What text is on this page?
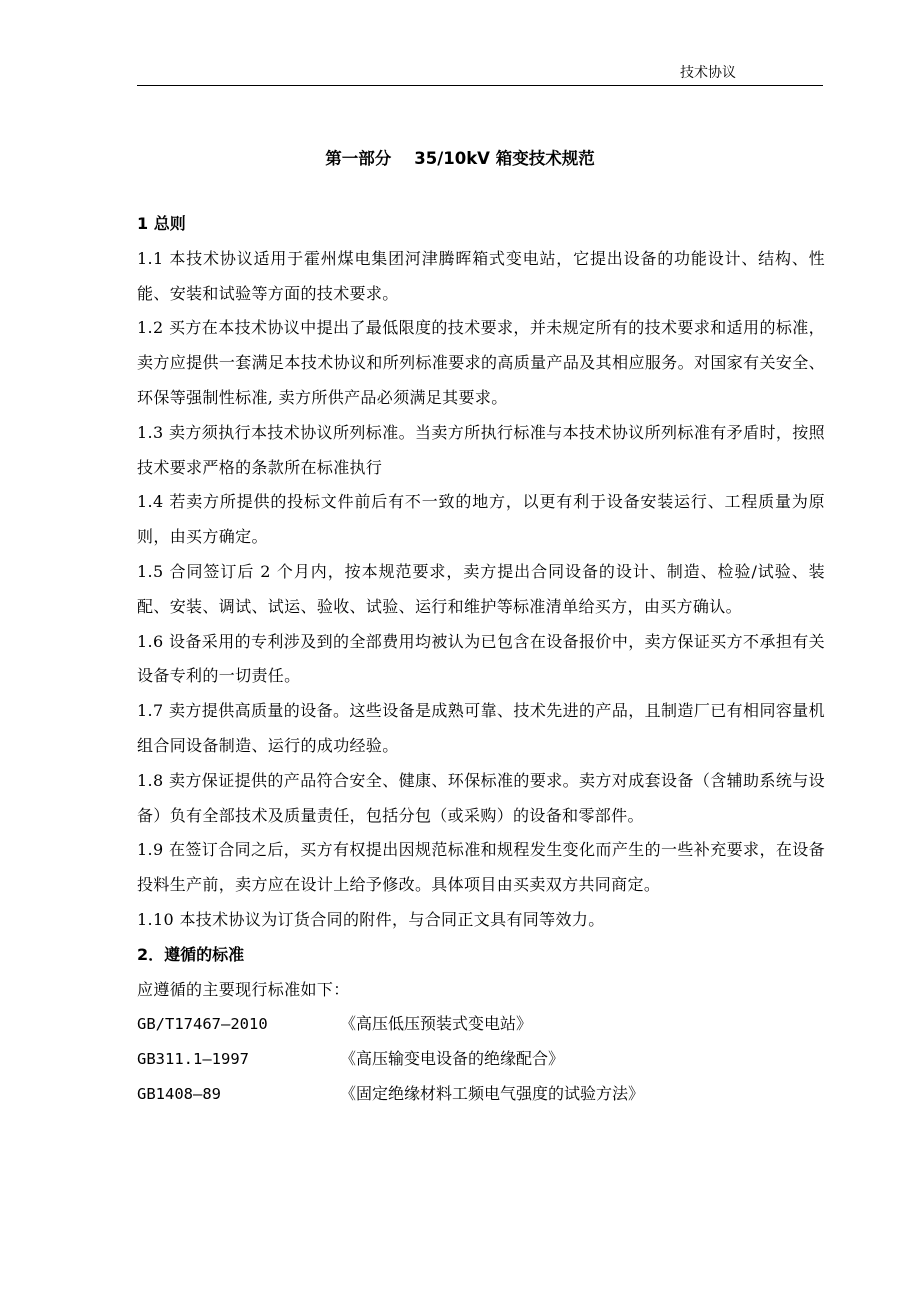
技术协议
第一部分    35/10kV 箱变技术规范

1 总则

1.1 本技术协议适用于霍州煤电集团河津腾晖箱式变电站，它提出设备的功能设计、结构、性能、安装和试验等方面的技术要求。

1.2 买方在本技术协议中提出了最低限度的技术要求，并未规定所有的技术要求和适用的标准，卖方应提供一套满足本技术协议和所列标准要求的高质量产品及其相应服务。对国家有关安全、环保等强制性标准, 卖方所供产品必须满足其要求。

1.3 卖方须执行本技术协议所列标准。当卖方所执行标准与本技术协议所列标准有矛盾时，按照技术要求严格的条款所在标准执行

1.4 若卖方所提供的投标文件前后有不一致的地方，以更有利于设备安装运行、工程质量为原则，由买方确定。

1.5 合同签订后 2 个月内，按本规范要求，卖方提出合同设备的设计、制造、检验/试验、装配、安装、调试、试运、验收、试验、运行和维护等标准清单给买方，由买方确认。

1.6 设备采用的专利涉及到的全部费用均被认为已包含在设备报价中，卖方保证买方不承担有关设备专利的一切责任。

1.7 卖方提供高质量的设备。这些设备是成熟可靠、技术先进的产品，且制造厂已有相同容量机组合同设备制造、运行的成功经验。

1.8 卖方保证提供的产品符合安全、健康、环保标准的要求。卖方对成套设备（含辅助系统与设备）负有全部技术及质量责任，包括分包（或采购）的设备和零部件。

1.9 在签订合同之后，买方有权提出因规范标准和规程发生变化而产生的一些补充要求，在设备投料生产前，卖方应在设计上给予修改。具体项目由买卖双方共同商定。

1.10 本技术协议为订货合同的附件，与合同正文具有同等效力。

2．遵循的标准

应遵循的主要现行标准如下：

GB/T17467—2010	《高压低压预装式变电站》
GB311.1—1997	《高压输变电设备的绝缘配合》
GB1408—89	《固定绝缘材料工频电气强度的试验方法》
